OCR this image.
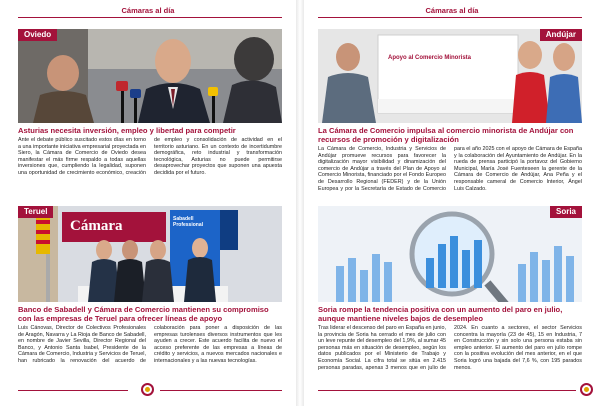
Cámaras al día
Oviedo
Asturias necesita inversión, empleo y libertad para competir
Ante el debate público suscitado estos días en torno a una importante iniciativa empresarial proyectada en Siero, la Cámara de Comercio de Oviedo desea manifestar el más firme respaldo a todas aquellas inversiones que, cumpliendo la legalidad, suponen una oportunidad de crecimiento económico, creación de empleo y consolidación de actividad en el territorio asturiano. En un contexto de incertidumbre demográfica, reto industrial y transformación tecnológica, Asturias no puede permitirse desaprovechar proyectos que suponen una apuesta decidida por el futuro.
Cámara	Sabadell Professional
Teruel
Banco de Sabadell y Cámara de Comercio mantienen su compromiso con las empresas de Teruel para ofrecer líneas de apoyo
Luis Cánovas, Director de Colectivos Profesionales de Aragón, Navarra y La Rioja de Banco de Sabadell, en nombre de Javier Sevilla, Director Regional del Banco, y Antonio Santa Isabel, Presidente de la Cámara de Comercio, Industria y Servicios de Teruel, han rubricado la renovación del acuerdo de colaboración para poner a disposición de las empresas turolenses diversos instrumentos que les ayuden a crecer. Este acuerdo facilita de nuevo el acceso preferente de las empresas a líneas de crédito y servicios, a nuevos mercados nacionales e internacionales y a las nuevas tecnologías.
Cámaras al día
Apoyo al Comercio Minorista
Andújar
La Cámara de Comercio impulsa al comercio minorista de Andújar con recursos de promoción y digitalización
La Cámara de Comercio, Industria y Servicios de Andújar promueve recursos para favorecer la digitalización mayor visibilidad y dinamización del comercio de Andújar a través del Plan de Apoyo al Comercio Minorista, financiado por el Fondo Europeo de Desarrollo Regional (FEDER) y de la Unión Europea y por la Secretaría de Estado de Comercio para el año 2025 con el apoyo de Cámara de España y la colaboración del Ayuntamiento de Andújar. En la rueda de prensa participó la portavoz del Gobierno Municipal, María José Fuenteseen la gerente de la Cámara de Comercio de Andújar, Ana Peña y el responsable cameral de Comercio Interior, Ángel Luis Calzado.
Soria
Soria rompe la tendencia positiva con un aumento del paro en julio, aunque mantiene niveles bajos de desempleo
Tras liderar el descenso del paro en España en junio, la provincia de Soria ha cerrado el mes de julio con un leve repunte del desempleo del 1,9%, al sumar 45 personas más en situación de desempleo, según los datos publicados por el Ministerio de Trabajo y Economía Social. La cifra total se sitúa en 2.415 personas paradas, apenas 3 menos que en julio de 2024. En cuanto a sectores, el sector Servicios concentra la mayoría (23 de 45), 15 en Industria, 7 en Construcción y sin solo una persona estaba sin empleo anterior. El aumento del paro en julio rompe con la positiva evolución del mes anterior, en el que Soria logró una bajada del 7,6 %, con 195 parados menos.
